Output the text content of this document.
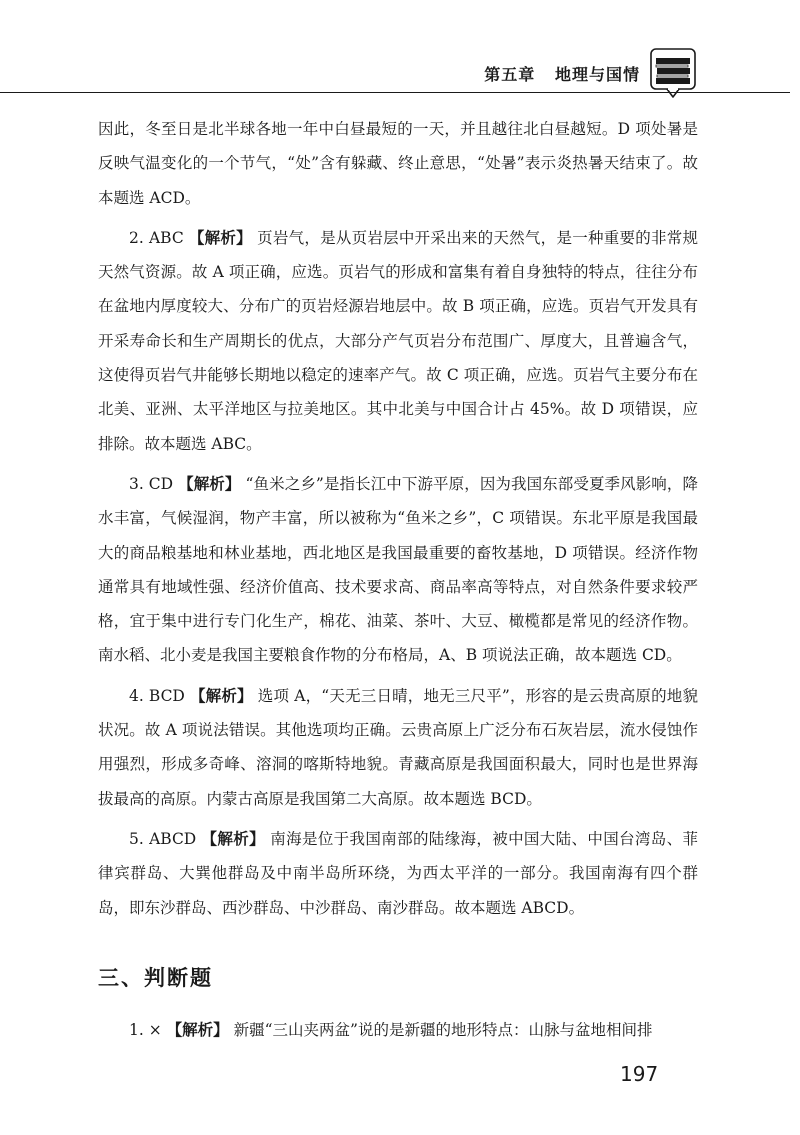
第五章 地理与国情

因此，冬至日是北半球各地一年中白昼最短的一天，并且越往北白昼越短。D 项处暑是反映气温变化的一个节气，“处”含有躲藏、终止意思，“处暑”表示炎热暑天结束了。故本题选 ACD。

2. ABC 【解析】 页岩气，是从页岩层中开采出来的天然气，是一种重要的非常规天然气资源。故 A 项正确，应选。页岩气的形成和富集有着自身独特的特点，往往分布在盆地内厚度较大、分布广的页岩烃源岩地层中。故 B 项正确，应选。页岩气开发具有开采寿命长和生产周期长的优点，大部分产气页岩分布范围广、厚度大，且普遍含气，这使得页岩气井能够长期地以稳定的速率产气。故 C 项正确，应选。页岩气主要分布在北美、亚洲、太平洋地区与拉美地区。其中北美与中国合计占 45%。故 D 项错误，应排除。故本题选 ABC。

3. CD 【解析】 “鱼米之乡”是指长江中下游平原，因为我国东部受夏季风影响，降水丰富，气候湿润，物产丰富，所以被称为“鱼米之乡”，C 项错误。东北平原是我国最大的商品粮基地和林业基地，西北地区是我国最重要的畜牧基地，D 项错误。经济作物通常具有地域性强、经济价值高、技术要求高、商品率高等特点，对自然条件要求较严格，宜于集中进行专门化生产，棉花、油菜、茶叶、大豆、橄榄都是常见的经济作物。南水稻、北小麦是我国主要粮食作物的分布格局，A、B 项说法正确，故本题选 CD。

4. BCD 【解析】 选项 A，“天无三日晴，地无三尺平”，形容的是云贵高原的地貌状况。故 A 项说法错误。其他选项均正确。云贵高原上广泛分布石灰岩层，流水侵蚀作用强烈，形成多奇峰、溶洞的喀斯特地貌。青藏高原是我国面积最大，同时也是世界海拔最高的高原。内蒙古高原是我国第二大高原。故本题选 BCD。

5. ABCD 【解析】 南海是位于我国南部的陆缘海，被中国大陆、中国台湾岛、菲律宾群岛、大巽他群岛及中南半岛所环绕，为西太平洋的一部分。我国南海有四个群岛，即东沙群岛、西沙群岛、中沙群岛、南沙群岛。故本题选 ABCD。

三、判断题

1. × 【解析】 新疆“三山夹两盆”说的是新疆的地形特点：山脉与盆地相间排

197
